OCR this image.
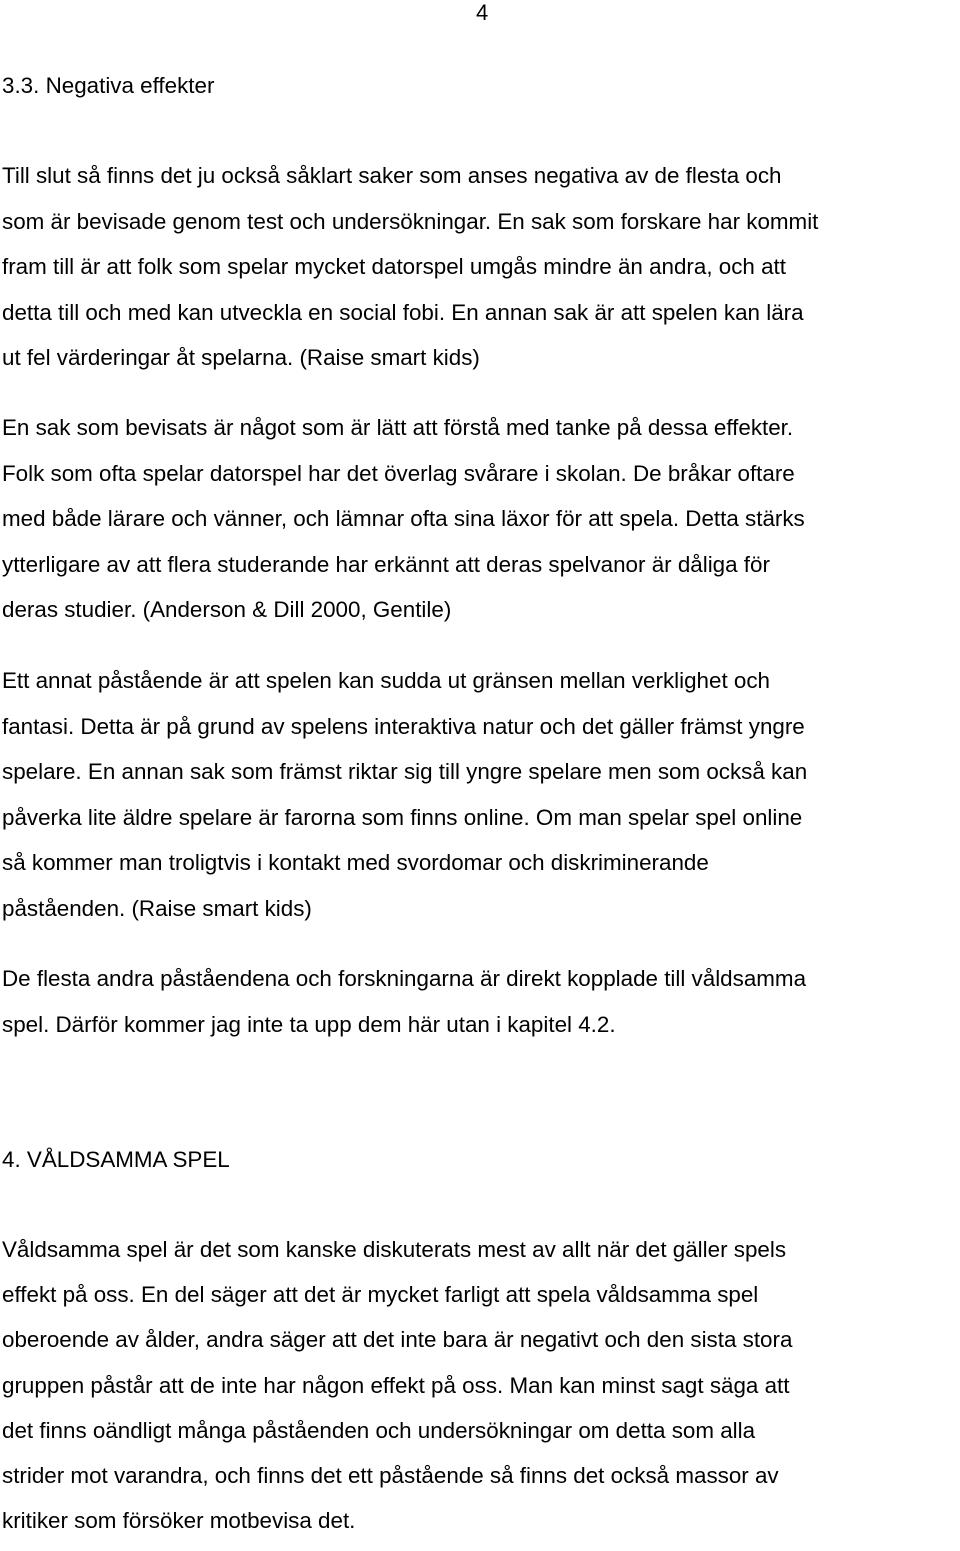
4
3.3. Negativa effekter
Till slut så finns det ju också såklart saker som anses negativa av de flesta och
som är bevisade genom test och undersökningar. En sak som forskare har kommit
fram till är att folk som spelar mycket datorspel umgås mindre än andra, och att
detta till och med kan utveckla en social fobi. En annan sak är att spelen kan lära
ut fel värderingar åt spelarna. (Raise smart kids)
En sak som bevisats är något som är lätt att förstå med tanke på dessa effekter.
Folk som ofta spelar datorspel har det överlag svårare i skolan. De bråkar oftare
med både lärare och vänner, och lämnar ofta sina läxor för att spela. Detta stärks
ytterligare av att flera studerande har erkännt att deras spelvanor är dåliga för
deras studier. (Anderson & Dill 2000, Gentile)
Ett annat påstående är att spelen kan sudda ut gränsen mellan verklighet och
fantasi. Detta är på grund av spelens interaktiva natur och det gäller främst yngre
spelare. En annan sak som främst riktar sig till yngre spelare men som också kan
påverka lite äldre spelare är farorna som finns online. Om man spelar spel online
så kommer man troligtvis i kontakt med svordomar och diskriminerande
påståenden. (Raise smart kids)
De flesta andra påståendena och forskningarna är direkt kopplade till våldsamma
spel. Därför kommer jag inte ta upp dem här utan i kapitel 4.2.
4. VÅLDSAMMA SPEL
Våldsamma spel är det som kanske diskuterats mest av allt när det gäller spels
effekt på oss. En del säger att det är mycket farligt att spela våldsamma spel
oberoende av ålder, andra säger att det inte bara är negativt och den sista stora
gruppen påstår att de inte har någon effekt på oss. Man kan minst sagt säga att
det finns oändligt många påståenden och undersökningar om detta som alla
strider mot varandra, och finns det ett påstående så finns det också massor av
kritiker som försöker motbevisa det.
